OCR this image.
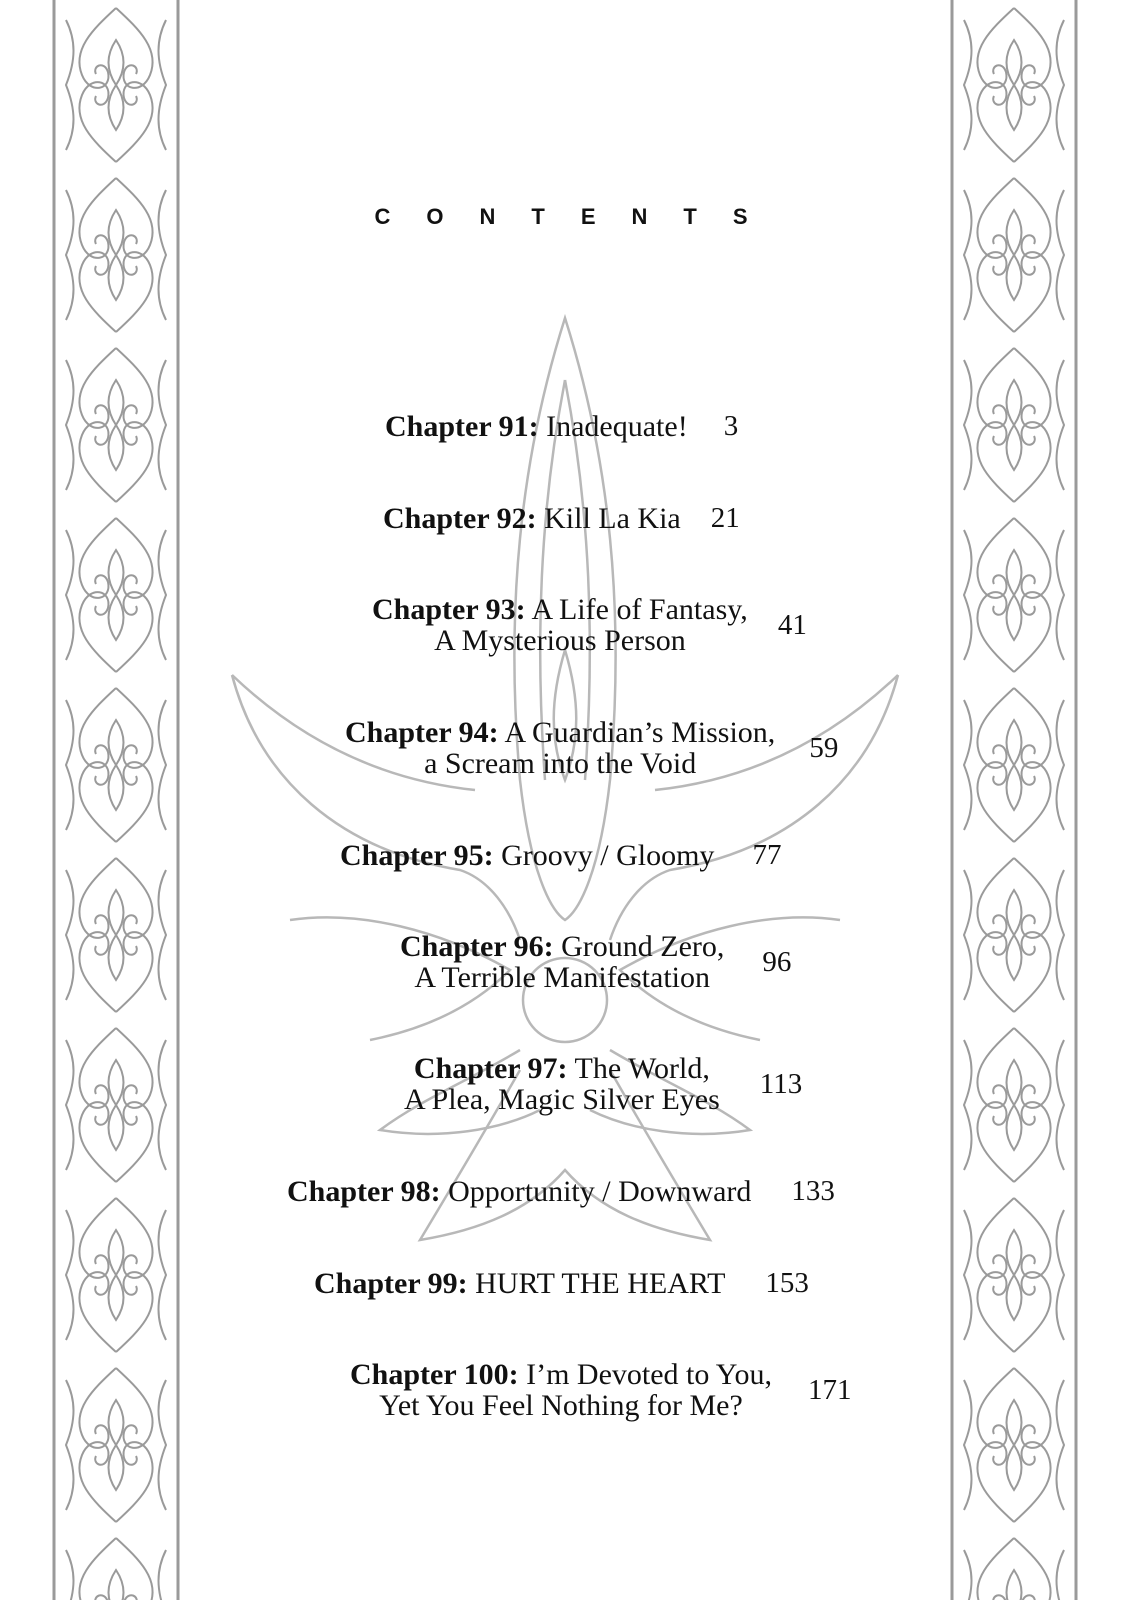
CONTENTS
Chapter 91: Inadequate! 3
Chapter 92: Kill La Kia 21
Chapter 93: A Life of Fantasy,
A Mysterious Person	41
Chapter 94: A Guardian’s Mission,
a Scream into the Void	59
Chapter 95: Groovy / Gloomy 77
Chapter 96: Ground Zero,
A Terrible Manifestation	96
Chapter 97: The World,
A Plea, Magic Silver Eyes 113
Chapter 98: Opportunity / Downward 133
Chapter 99: HURT THE HEART 153
Chapter 100: I’m Devoted to You,
Yet You Feel Nothing for Me?	171
